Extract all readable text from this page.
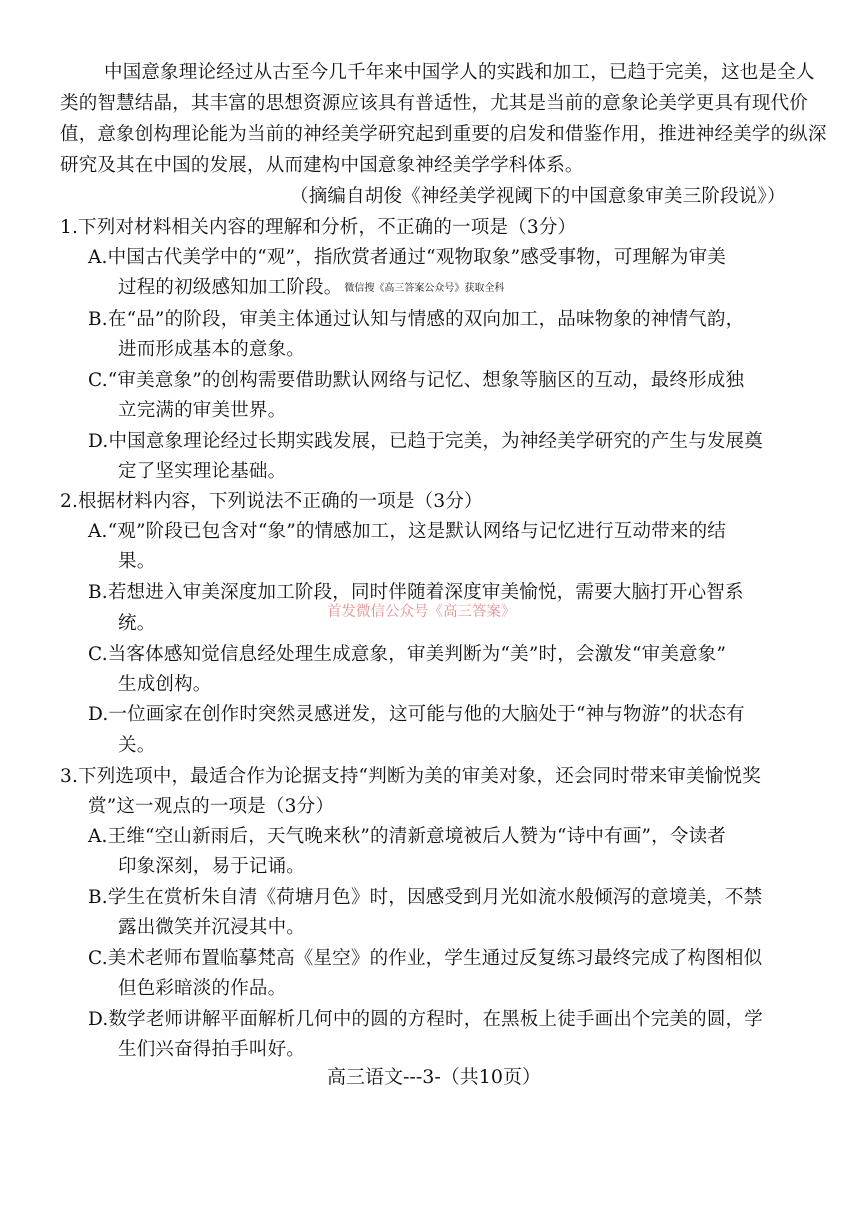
中国意象理论经过从古至今几千年来中国学人的实践和加工，已趋于完美，这也是全人
类的智慧结晶，其丰富的思想资源应该具有普适性，尤其是当前的意象论美学更具有现代价
值，意象创构理论能为当前的神经美学研究起到重要的启发和借鉴作用，推进神经美学的纵深
研究及其在中国的发展，从而建构中国意象神经美学学科体系。
（摘编自胡俊《神经美学视阈下的中国意象审美三阶段说》）
1.下列对材料相关内容的理解和分析，不正确的一项是（3分）
A.中国古代美学中的“观”，指欣赏者通过“观物取象”感受事物，可理解为审美
过程的初级感知加工阶段。 微信搜《高三答案公众号》获取全科
B.在“品”的阶段，审美主体通过认知与情感的双向加工，品味物象的神情气韵，
进而形成基本的意象。
C.“审美意象”的创构需要借助默认网络与记忆、想象等脑区的互动，最终形成独
立完满的审美世界。
D.中国意象理论经过长期实践发展，已趋于完美，为神经美学研究的产生与发展奠
定了坚实理论基础。
2.根据材料内容，下列说法不正确的一项是（3分）
A.“观”阶段已包含对“象”的情感加工，这是默认网络与记忆进行互动带来的结
果。
B.若想进入审美深度加工阶段，同时伴随着深度审美愉悦，需要大脑打开心智系
统。
首发微信公众号《高三答案》
C.当客体感知觉信息经处理生成意象，审美判断为“美”时，会激发“审美意象”
生成创构。
D.一位画家在创作时突然灵感迸发，这可能与他的大脑处于“神与物游”的状态有
关。
3.下列选项中，最适合作为论据支持“判断为美的审美对象，还会同时带来审美愉悦奖
赏”这一观点的一项是（3分）
A.王维“空山新雨后，天气晚来秋”的清新意境被后人赞为“诗中有画”，令读者
印象深刻，易于记诵。
B.学生在赏析朱自清《荷塘月色》时，因感受到月光如流水般倾泻的意境美，不禁
露出微笑并沉浸其中。
C.美术老师布置临摹梵高《星空》的作业，学生通过反复练习最终完成了构图相似
但色彩暗淡的作品。
D.数学老师讲解平面解析几何中的圆的方程时，在黑板上徒手画出个完美的圆，学
生们兴奋得拍手叫好。
高三语文---3-（共10页）
